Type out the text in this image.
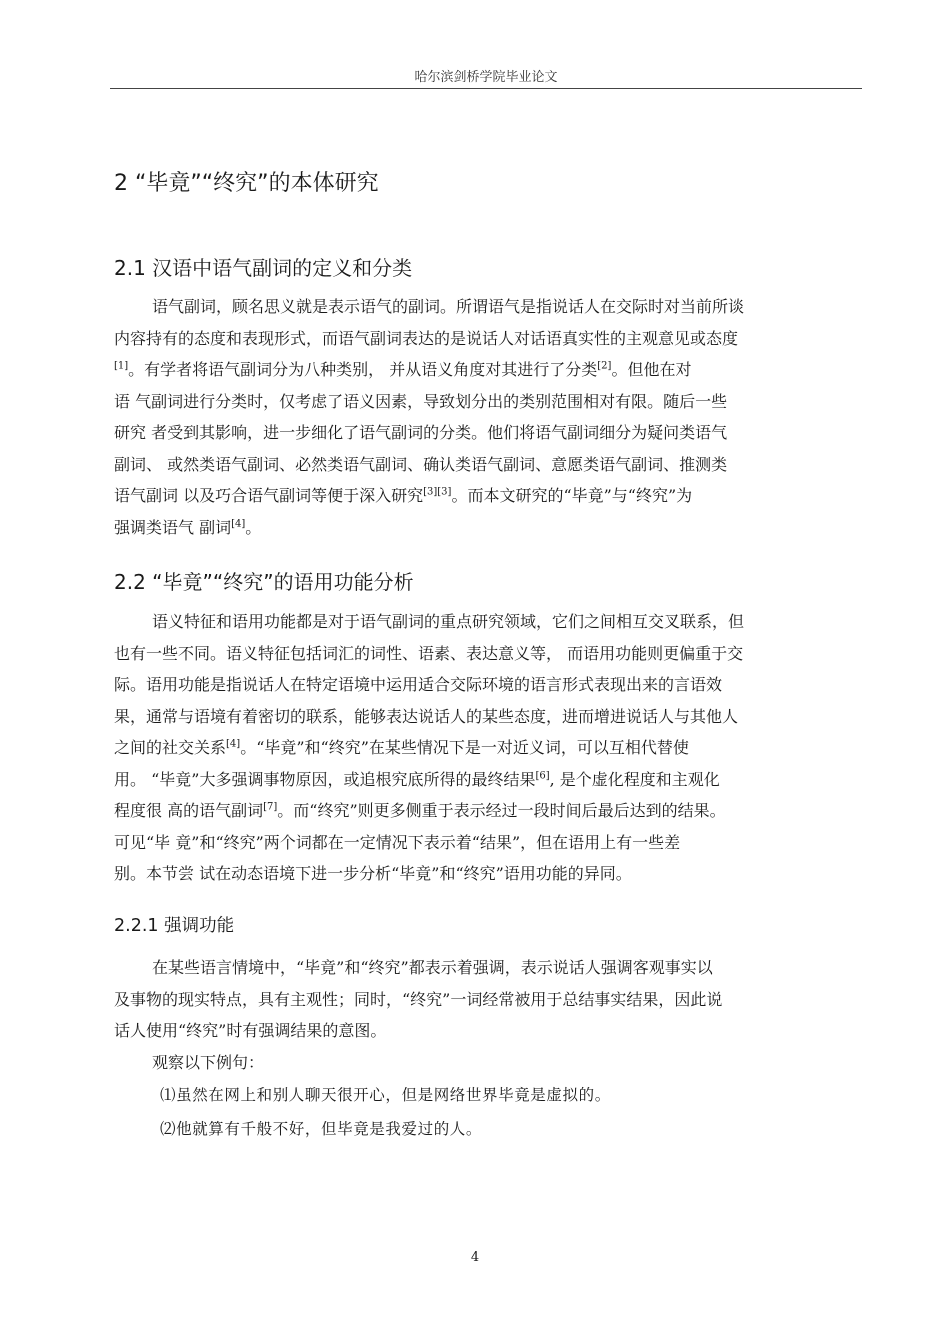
哈尔滨剑桥学院毕业论文
2 “毕竟”“终究”的本体研究
2.1 汉语中语气副词的定义和分类
语气副词，顾名思义就是表示语气的副词。所谓语气是指说话人在交际时对当前所谈
内容持有的态度和表现形式，而语气副词表达的是说话人对话语真实性的主观意见或态度
[1]。有学者将语气副词分为八种类别， 并从语义角度对其进行了分类[2]。但他在对
语 气副词进行分类时，仅考虑了语义因素，导致划分出的类别范围相对有限。随后一些
研究 者受到其影响，进一步细化了语气副词的分类。他们将语气副词细分为疑问类语气
副词、 或然类语气副词、必然类语气副词、确认类语气副词、意愿类语气副词、推测类
语气副词 以及巧合语气副词等便于深入研究[3][3]。而本文研究的“毕竟”与“终究”为
强调类语气 副词[4]。
2.2 “毕竟”“终究”的语用功能分析
语义特征和语用功能都是对于语气副词的重点研究领域，它们之间相互交叉联系，但
也有一些不同。语义特征包括词汇的词性、语素、表达意义等， 而语用功能则更偏重于交
际。语用功能是指说话人在特定语境中运用适合交际环境的语言形式表现出来的言语效
果，通常与语境有着密切的联系，能够表达说话人的某些态度，进而增进说话人与其他人
之间的社交关系[4]。“毕竟”和“终究”在某些情况下是一对近义词，可以互相代替使
用。 “毕竟”大多强调事物原因，或追根究底所得的最终结果[6], 是个虚化程度和主观化
程度很 高的语气副词[7]。而“终究”则更多侧重于表示经过一段时间后最后达到的结果。
可见“毕 竟”和“终究”两个词都在一定情况下表示着“结果”，但在语用上有一些差
别。本节尝 试在动态语境下进一步分析“毕竟”和“终究”语用功能的异同。
2.2.1 强调功能
在某些语言情境中，“毕竟”和“终究”都表示着强调，表示说话人强调客观事实以
及事物的现实特点，具有主观性；同时，“终究”一词经常被用于总结事实结果，因此说
话人使用“终究”时有强调结果的意图。
观察以下例句：
⑴虽然在网上和别人聊天很开心，但是网络世界毕竟是虚拟的。
⑵他就算有千般不好，但毕竟是我爱过的人。
4
